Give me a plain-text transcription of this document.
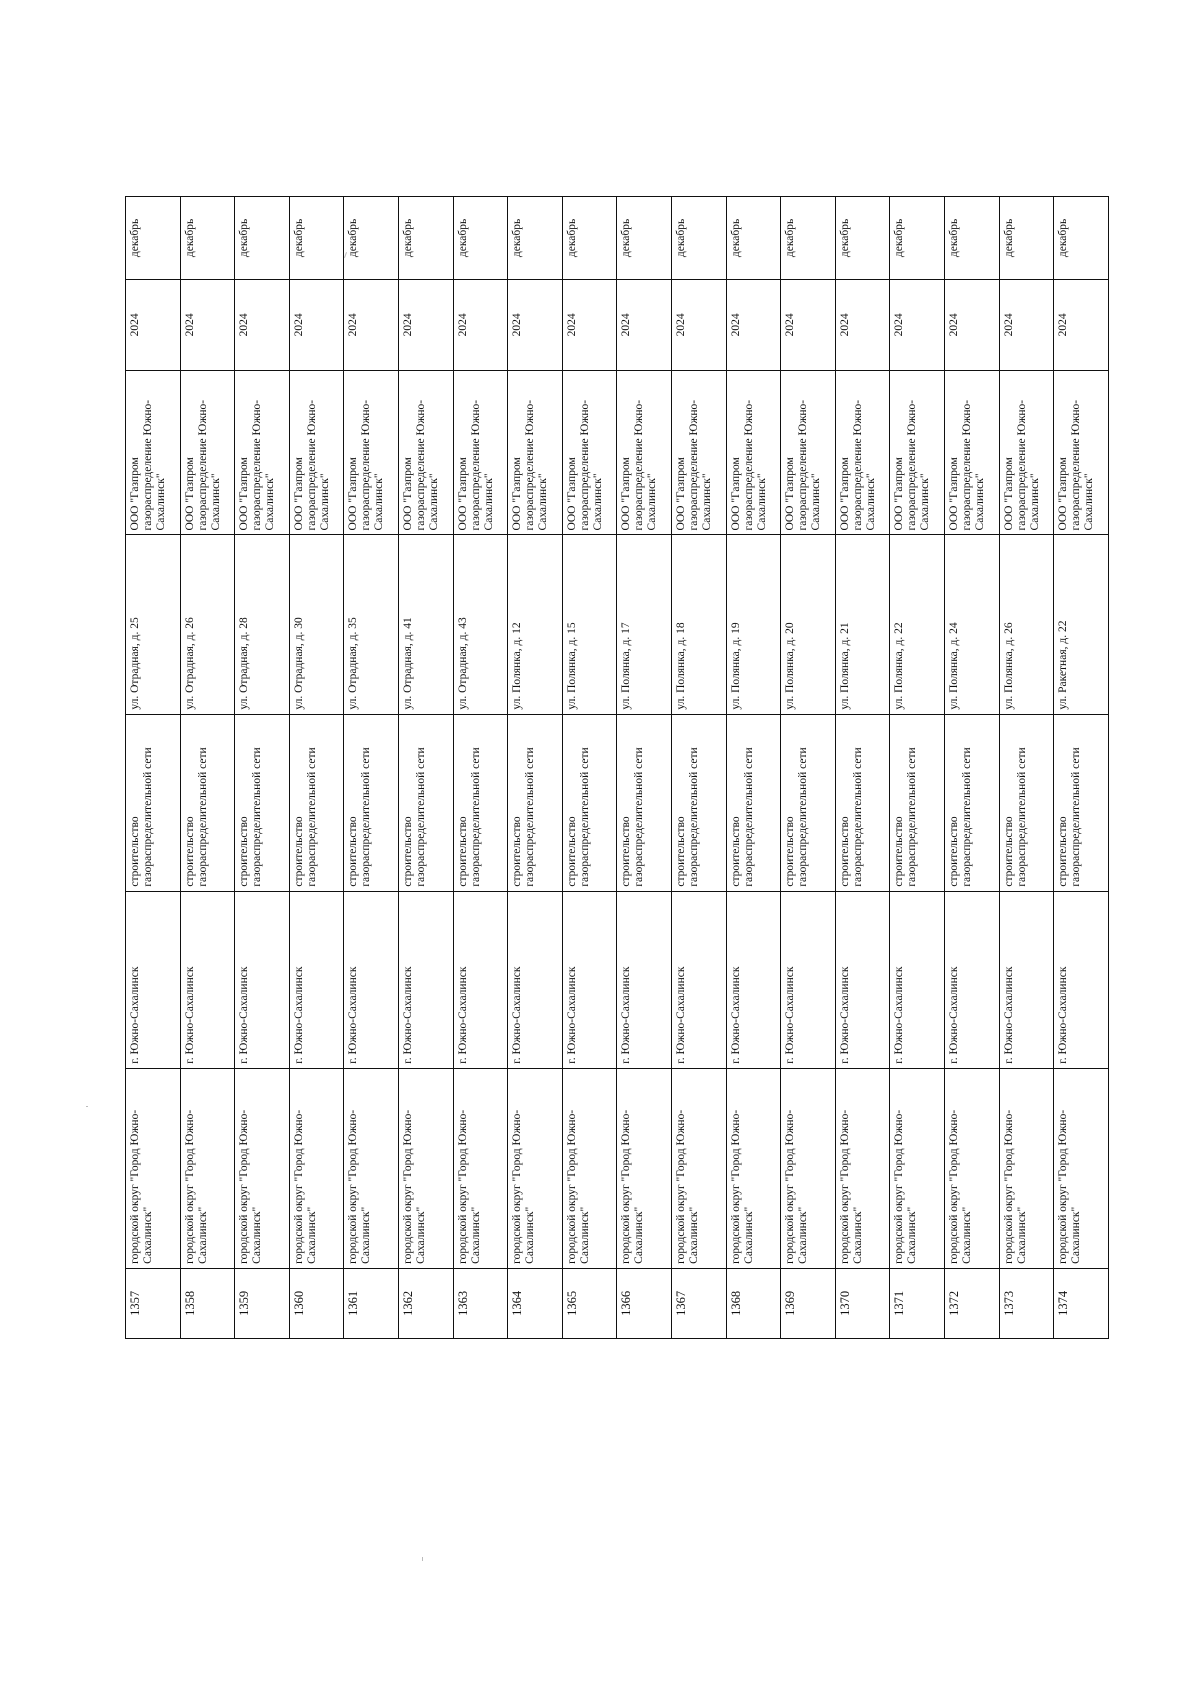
1357	городской округ "Город Южно-Сахалинск"	г. Южно-Сахалинск	строительство газораспределительной сети	ул. Отрадная, д. 25	ООО "Газпром газораспределение Южно-Сахалинск"	2024	декабрь
1358	городской округ "Город Южно-Сахалинск"	г. Южно-Сахалинск	строительство газораспределительной сети	ул. Отрадная, д. 26	ООО "Газпром газораспределение Южно-Сахалинск"	2024	декабрь
1359	городской округ "Город Южно-Сахалинск"	г. Южно-Сахалинск	строительство газораспределительной сети	ул. Отрадная, д. 28	ООО "Газпром газораспределение Южно-Сахалинск"	2024	декабрь
1360	городской округ "Город Южно-Сахалинск"	г. Южно-Сахалинск	строительство газораспределительной сети	ул. Отрадная, д. 30	ООО "Газпром газораспределение Южно-Сахалинск"	2024	декабрь
1361	городской округ "Город Южно-Сахалинск"	г. Южно-Сахалинск	строительство газораспределительной сети	ул. Отрадная, д. 35	ООО "Газпром газораспределение Южно-Сахалинск"	2024	декабрь
1362	городской округ "Город Южно-Сахалинск"	г. Южно-Сахалинск	строительство газораспределительной сети	ул. Отрадная, д. 41	ООО "Газпром газораспределение Южно-Сахалинск"	2024	декабрь
1363	городской округ "Город Южно-Сахалинск"	г. Южно-Сахалинск	строительство газораспределительной сети	ул. Отрадная, д. 43	ООО "Газпром газораспределение Южно-Сахалинск"	2024	декабрь
1364	городской округ "Город Южно-Сахалинск"	г. Южно-Сахалинск	строительство газораспределительной сети	ул. Полянка, д. 12	ООО "Газпром газораспределение Южно-Сахалинск"	2024	декабрь
1365	городской округ "Город Южно-Сахалинск"	г. Южно-Сахалинск	строительство газораспределительной сети	ул. Полянка, д. 15	ООО "Газпром газораспределение Южно-Сахалинск"	2024	декабрь
1366	городской округ "Город Южно-Сахалинск"	г. Южно-Сахалинск	строительство газораспределительной сети	ул. Полянка, д. 17	ООО "Газпром газораспределение Южно-Сахалинск"	2024	декабрь
1367	городской округ "Город Южно-Сахалинск"	г. Южно-Сахалинск	строительство газораспределительной сети	ул. Полянка, д. 18	ООО "Газпром газораспределение Южно-Сахалинск"	2024	декабрь
1368	городской округ "Город Южно-Сахалинск"	г. Южно-Сахалинск	строительство газораспределительной сети	ул. Полянка, д. 19	ООО "Газпром газораспределение Южно-Сахалинск"	2024	декабрь
1369	городской округ "Город Южно-Сахалинск"	г. Южно-Сахалинск	строительство газораспределительной сети	ул. Полянка, д. 20	ООО "Газпром газораспределение Южно-Сахалинск"	2024	декабрь
1370	городской округ "Город Южно-Сахалинск"	г. Южно-Сахалинск	строительство газораспределительной сети	ул. Полянка, д. 21	ООО "Газпром газораспределение Южно-Сахалинск"	2024	декабрь
1371	городской округ "Город Южно-Сахалинск"	г. Южно-Сахалинск	строительство газораспределительной сети	ул. Полянка, д. 22	ООО "Газпром газораспределение Южно-Сахалинск"	2024	декабрь
1372	городской округ "Город Южно-Сахалинск"	г. Южно-Сахалинск	строительство газораспределительной сети	ул. Полянка, д. 24	ООО "Газпром газораспределение Южно-Сахалинск"	2024	декабрь
1373	городской округ "Город Южно-Сахалинск"	г. Южно-Сахалинск	строительство газораспределительной сети	ул. Полянка, д. 26	ООО "Газпром газораспределение Южно-Сахалинск"	2024	декабрь
1374	городской округ "Город Южно-Сахалинск"	г. Южно-Сахалинск	строительство газораспределительной сети	ул. Ракетная, д. 22	ООО "Газпром газораспределение Южно-Сахалинск"	2024	декабрь
